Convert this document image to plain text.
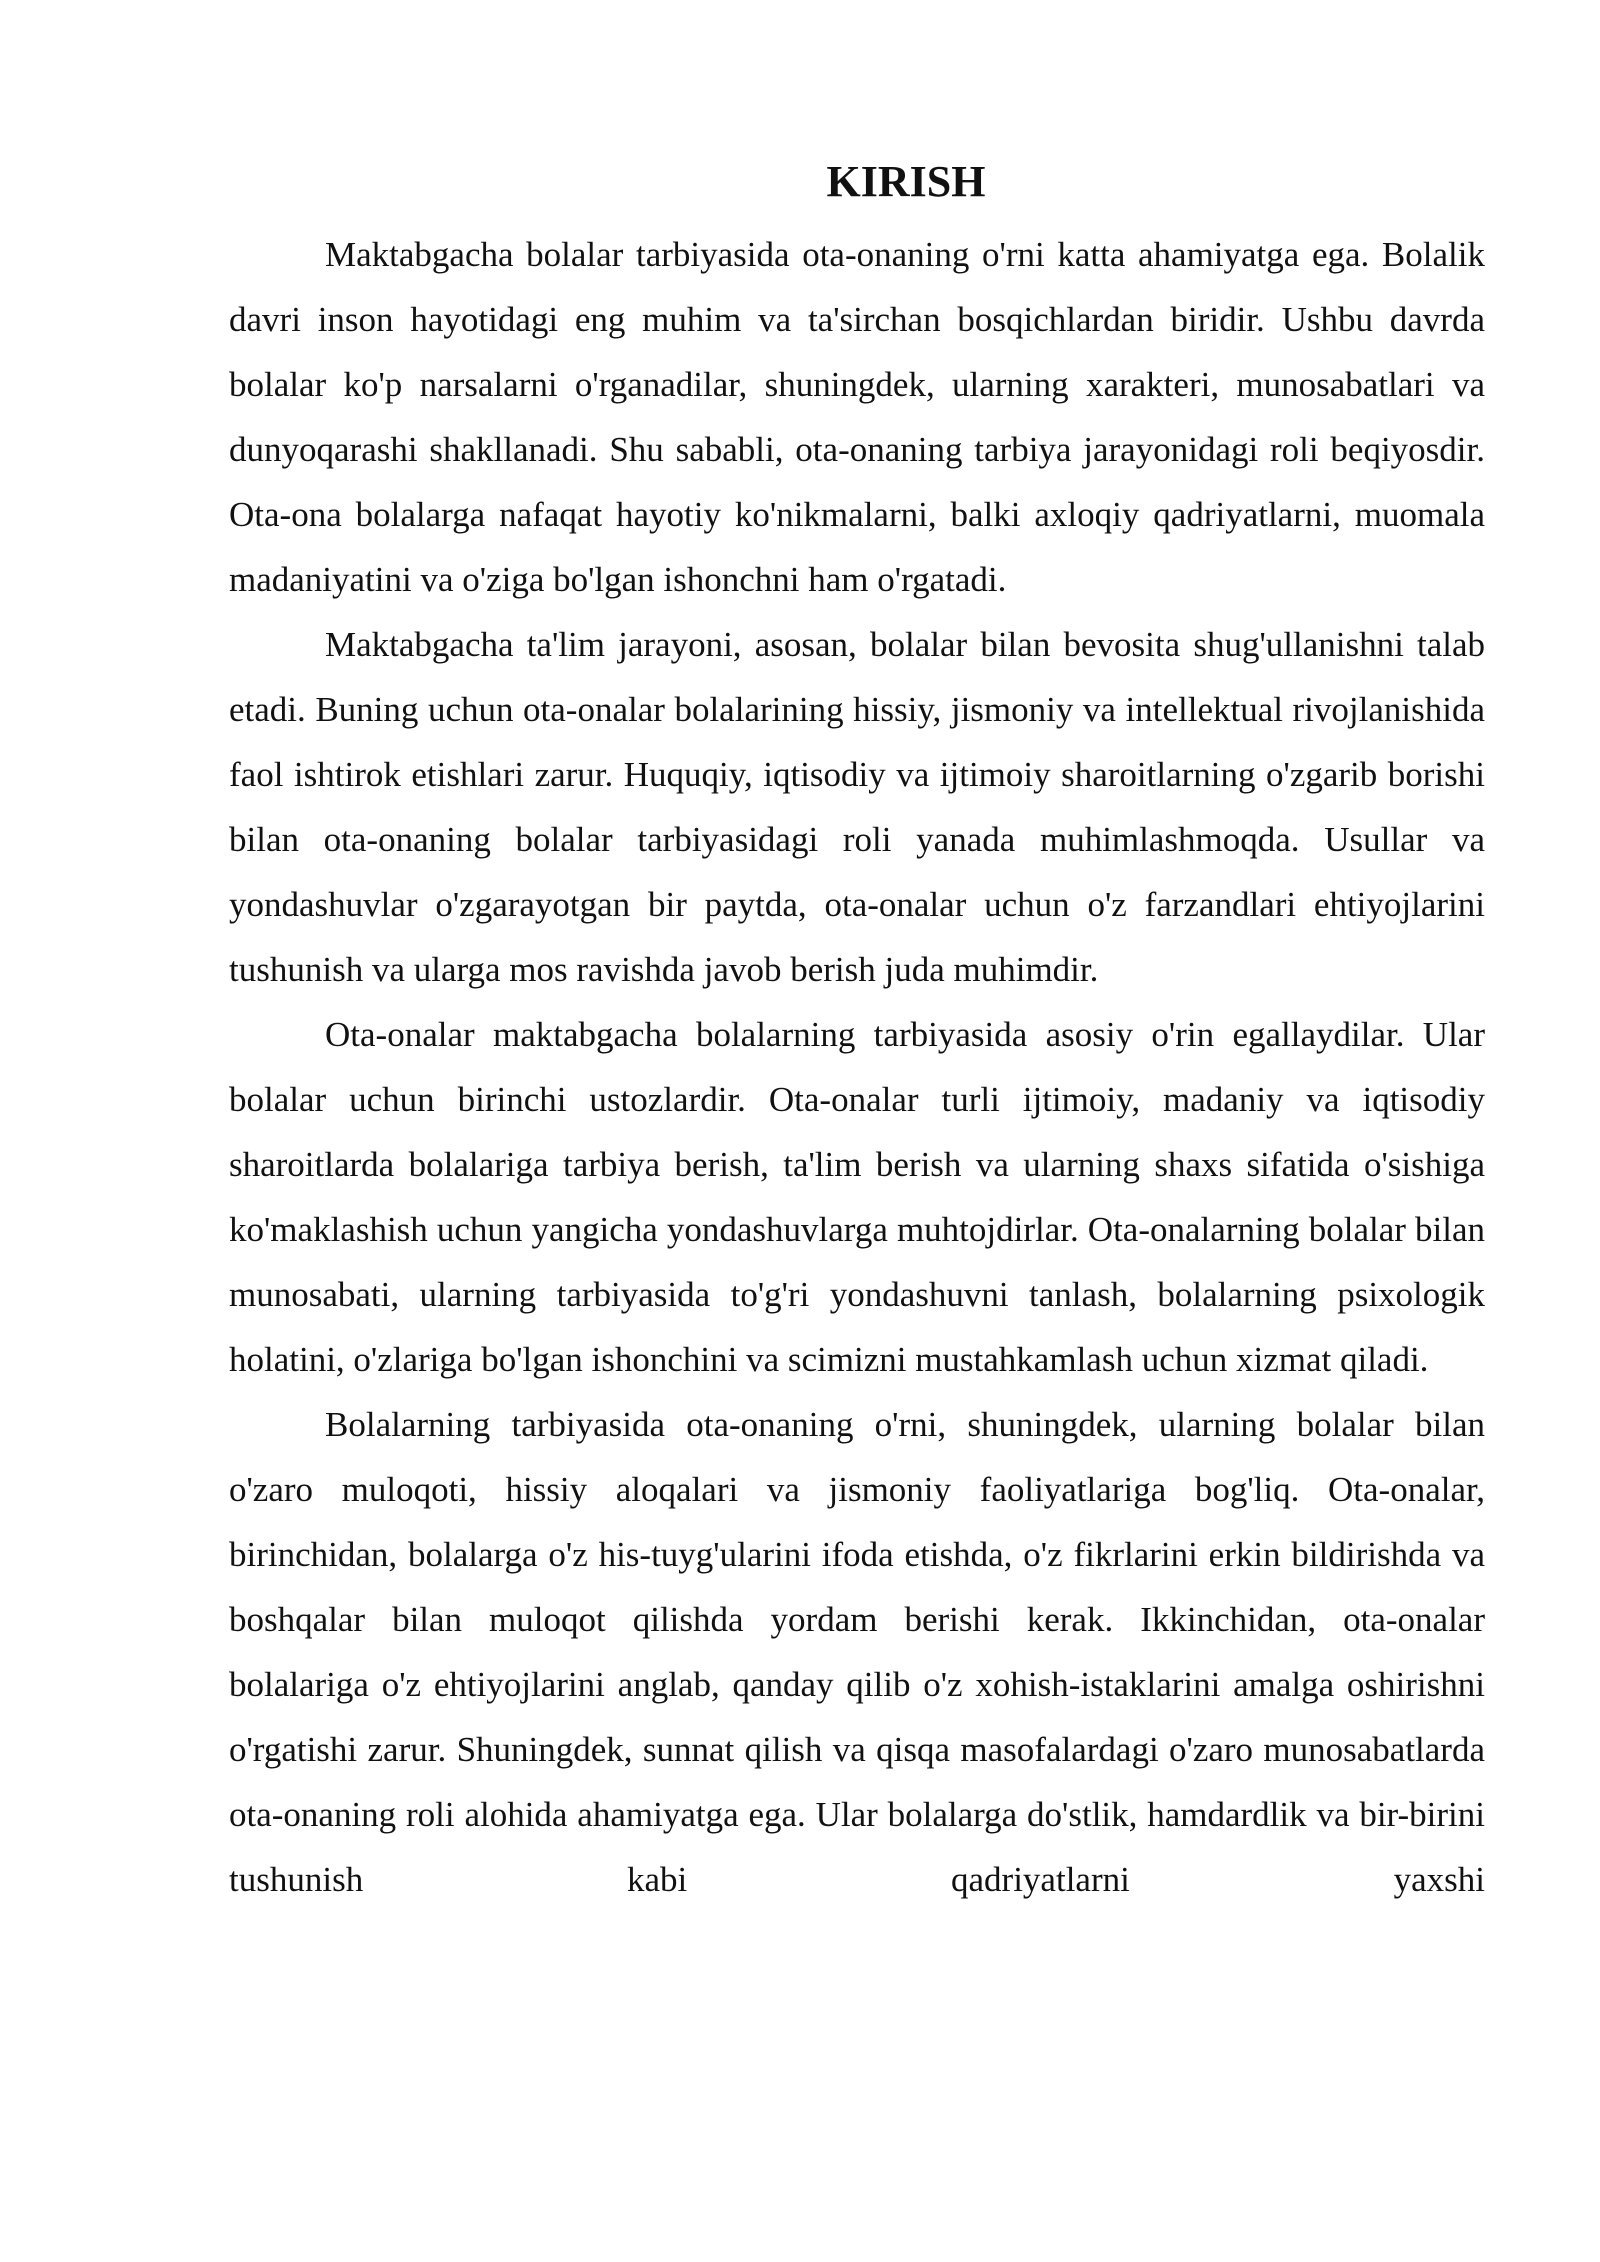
KIRISH

Maktabgacha bolalar tarbiyasida ota-onaning o'rni katta ahamiyatga ega. Bolalik davri inson hayotidagi eng muhim va ta'sirchan bosqichlardan biridir. Ushbu davrda bolalar ko'p narsalarni o'rganadilar, shuningdek, ularning xarakteri, munosabatlari va dunyoqarashi shakllanadi. Shu sababli, ota-onaning tarbiya jarayonidagi roli beqiyosdir. Ota-ona bolalarga nafaqat hayotiy ko'nikmalarni, balki axloqiy qadriyatlarni, muomala madaniyatini va o'ziga bo'lgan ishonchni ham o'rgatadi.

Maktabgacha ta'lim jarayoni, asosan, bolalar bilan bevosita shug'ullanishni talab etadi. Buning uchun ota-onalar bolalarining hissiy, jismoniy va intellektual rivojlanishida faol ishtirok etishlari zarur. Huquqiy, iqtisodiy va ijtimoiy sharoitlarning o'zgarib borishi bilan ota-onaning bolalar tarbiyasidagi roli yanada muhimlashmoqda. Usullar va yondashuvlar o'zgarayotgan bir paytda, ota-onalar uchun o'z farzandlari ehtiyojlarini tushunish va ularga mos ravishda javob berish juda muhimdir.

Ota-onalar maktabgacha bolalarning tarbiyasida asosiy o'rin egallaydilar. Ular bolalar uchun birinchi ustozlardir. Ota-onalar turli ijtimoiy, madaniy va iqtisodiy sharoitlarda bolalariga tarbiya berish, ta'lim berish va ularning shaxs sifatida o'sishiga ko'maklashish uchun yangicha yondashuvlarga muhtojdirlar. Ota-onalarning bolalar bilan munosabati, ularning tarbiyasida to'g'ri yondashuvni tanlash, bolalarning psixologik holatini, o'zlariga bo'lgan ishonchini va scimizni mustahkamlash uchun xizmat qiladi.

Bolalarning tarbiyasida ota-onaning o'rni, shuningdek, ularning bolalar bilan o'zaro muloqoti, hissiy aloqalari va jismoniy faoliyatlariga bog'liq. Ota-onalar, birinchidan, bolalarga o'z his-tuyg'ularini ifoda etishda, o'z fikrlarini erkin bildirishda va boshqalar bilan muloqot qilishda yordam berishi kerak. Ikkinchidan, ota-onalar bolalariga o'z ehtiyojlarini anglab, qanday qilib o'z xohish-istaklarini amalga oshirishni o'rgatishi zarur. Shuningdek, sunnat qilish va qisqa masofalardagi o'zaro munosabatlarda ota-onaning roli alohida ahamiyatga ega. Ular bolalarga do'stlik, hamdardlik va bir-birini tushunish kabi qadriyatlarni yaxshi
